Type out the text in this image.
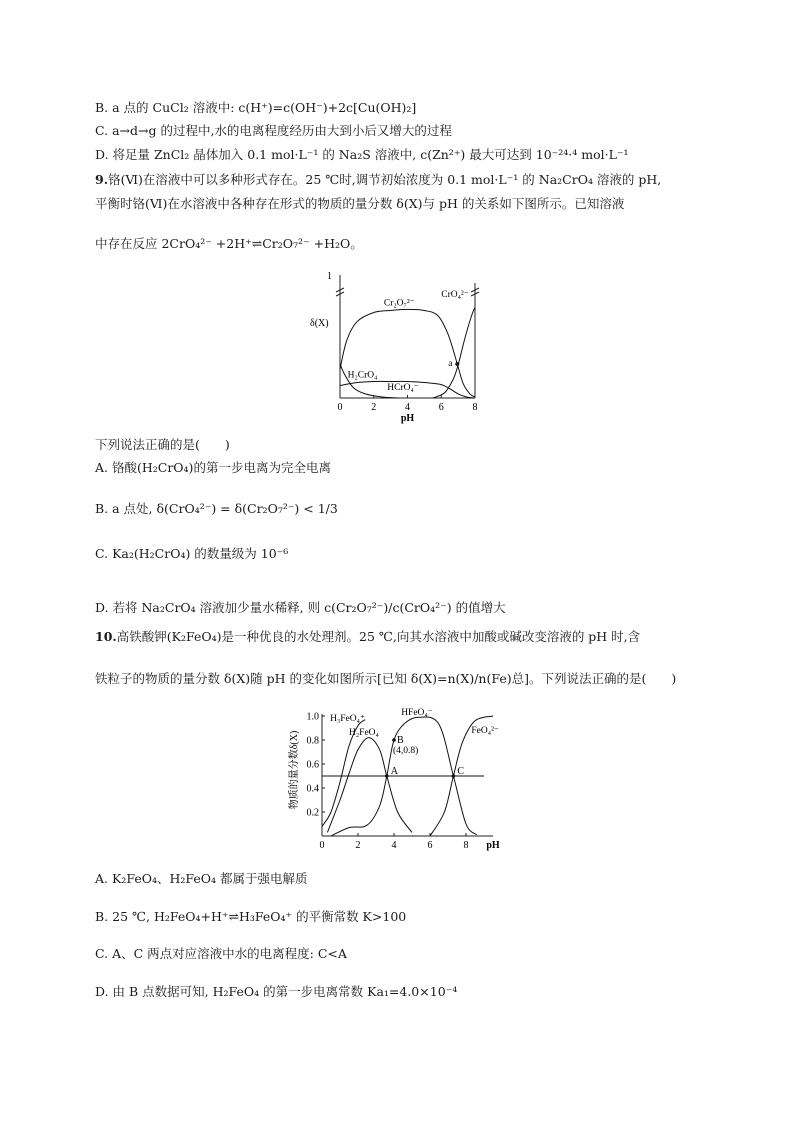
B. a 点的 CuCl₂ 溶液中: c(H⁺)=c(OH⁻)+2c[Cu(OH)₂]
C. a→d→g 的过程中,水的电离程度经历由大到小后又增大的过程
D. 将足量 ZnCl₂ 晶体加入 0.1 mol·L⁻¹ 的 Na₂S 溶液中, c(Zn²⁺) 最大可达到 10⁻²⁴·⁴ mol·L⁻¹
9.铬(Ⅵ)在溶液中可以多种形式存在。25 ℃时,调节初始浓度为 0.1 mol·L⁻¹ 的 Na₂CrO₄ 溶液的 pH,
平衡时铬(Ⅵ)在水溶液中各种存在形式的物质的量分数 δ(X)与 pH 的关系如下图所示。已知溶液
中存在反应 2CrO₄²⁻ +2H⁺⇌Cr₂O₇²⁻ +H₂O。
1
0	2	4	6	8
pH
δ(X)
H₂CrO₄
HCrO₄⁻
Cr₂O₇²⁻
CrO₄²⁻
a
下列说法正确的是(　　)
A. 铬酸(H₂CrO₄)的第一步电离为完全电离
B. a 点处, δ(CrO₄²⁻) = δ(Cr₂O₇²⁻) < 1/3
C. Ka₂(H₂CrO₄) 的数量级为 10⁻⁶
D. 若将 Na₂CrO₄ 溶液加少量水稀释, 则 c(Cr₂O₇²⁻)/c(CrO₄²⁻) 的值增大
10.高铁酸钾(K₂FeO₄)是一种优良的水处理剂。25 ℃,向其水溶液中加酸或碱改变溶液的 pH 时,含
铁粒子的物质的量分数 δ(X)随 pH 的变化如图所示[已知 δ(X)=n(X)/n(Fe)总]。下列说法正确的是(　　)
0.2
0.4
0.6
0.8
1.0
0	2	4	6	8 pH
物质的量分数δ(X)
H₃FeO₄⁺
H₂FeO₄
HFeO₄⁻
FeO₄²⁻
A
B
(4,0.8)
C
A. K₂FeO₄、H₂FeO₄ 都属于强电解质
B. 25 ℃, H₂FeO₄+H⁺⇌H₃FeO₄⁺ 的平衡常数 K>100
C. A、C 两点对应溶液中水的电离程度: C<A
D. 由 B 点数据可知, H₂FeO₄ 的第一步电离常数 Ka₁=4.0×10⁻⁴
